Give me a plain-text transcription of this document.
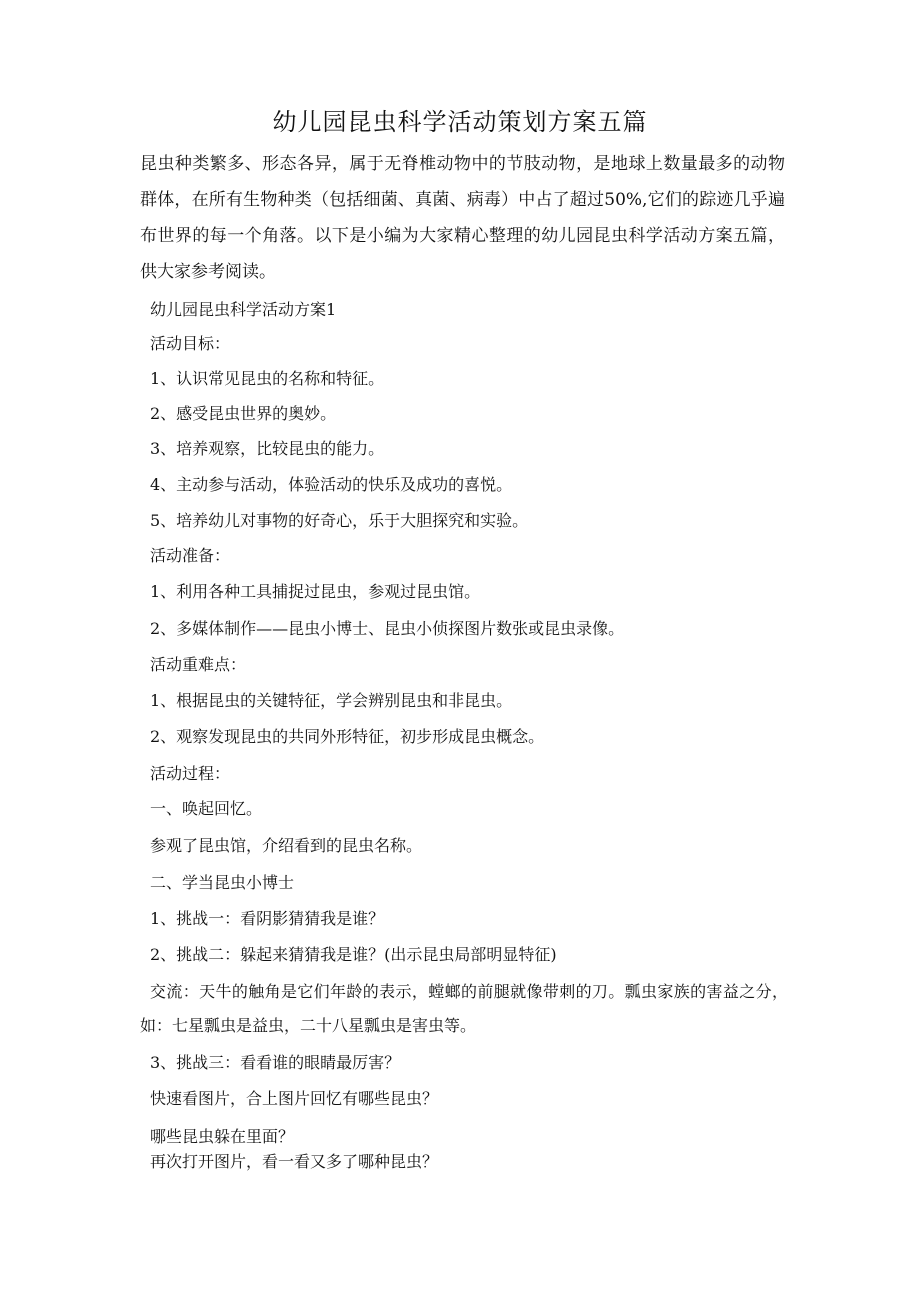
幼儿园昆虫科学活动策划方案五篇

昆虫种类繁多、形态各异，属于无脊椎动物中的节肢动物，是地球上数量最多的动物群体，在所有生物种类（包括细菌、真菌、病毒）中占了超过50%,它们的踪迹几乎遍布世界的每一个角落。以下是小编为大家精心整理的幼儿园昆虫科学活动方案五篇，供大家参考阅读。

幼儿园昆虫科学活动方案1

活动目标：

1、认识常见昆虫的名称和特征。

2、感受昆虫世界的奥妙。

3、培养观察，比较昆虫的能力。

4、主动参与活动，体验活动的快乐及成功的喜悦。

5、培养幼儿对事物的好奇心，乐于大胆探究和实验。

活动准备：

1、利用各种工具捕捉过昆虫，参观过昆虫馆。

2、多媒体制作——昆虫小博士、昆虫小侦探图片数张或昆虫录像。

活动重难点：

1、根据昆虫的关键特征，学会辨别昆虫和非昆虫。

2、观察发现昆虫的共同外形特征，初步形成昆虫概念。

活动过程：

一、唤起回忆。

参观了昆虫馆，介绍看到的昆虫名称。

二、学当昆虫小博士

1、挑战一：看阴影猜猜我是谁？

2、挑战二：躲起来猜猜我是谁？(出示昆虫局部明显特征)

交流：天牛的触角是它们年龄的表示，螳螂的前腿就像带刺的刀。瓢虫家族的害益之分，如：七星瓢虫是益虫，二十八星瓢虫是害虫等。

3、挑战三：看看谁的眼睛最厉害？

快速看图片，合上图片回忆有哪些昆虫？

哪些昆虫躲在里面？

再次打开图片，看一看又多了哪种昆虫？
